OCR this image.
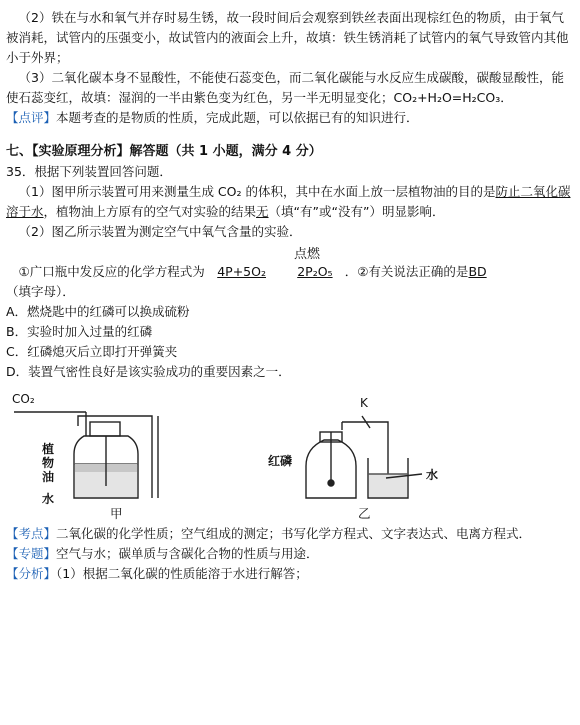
（2）铁在与水和氧气并存时易生锈，故一段时间后会观察到铁丝表面出现棕红色的物质，由于氧气被消耗，试管内的压强变小，故试管内的液面会上升，故填：铁生锈消耗了试管内的氧气导致管内其他小于外界；

（3）二氧化碳本身不显酸性，不能使石蕊变色，而二氧化碳能与水反应生成碳酸，碳酸显酸性，能使石蕊变红，故填：湿润的一半由紫色变为红色，另一半无明显变化；CO₂+H₂O=H₂CO₃．

【点评】本题考查的是物质的性质，完成此题，可以依据已有的知识进行．

七、【实验原理分析】解答题（共 1 小题，满分 4 分）

35．根据下列装置回答问题．

（1）图甲所示装置可用来测量生成 CO₂ 的体积，其中在水面上放一层植物油的目的是防止二氧化碳溶于水，植物油上方原有的空气对实验的结果无（填“有”或“没有”）明显影响．

（2）图乙所示装置为测定空气中氧气含量的实验．

点燃

①广口瓶中发反应的化学方程式为 4P+5O₂ 2P₂O₅ ．②有关说法正确的是BD

（填字母）．

A．燃烧匙中的红磷可以换成硫粉

B．实验时加入过量的红磷

C．红磷熄灭后立即打开弹簧夹

D．装置气密性良好是该实验成功的重要因素之一．

CO₂
植物油
水
甲
红磷
K
水
乙

【考点】二氧化碳的化学性质；空气组成的测定；书写化学方程式、文字表达式、电离方程式．

【专题】空气与水；碳单质与含碳化合物的性质与用途．

【分析】（1）根据二氧化碳的性质能溶于水进行解答；
